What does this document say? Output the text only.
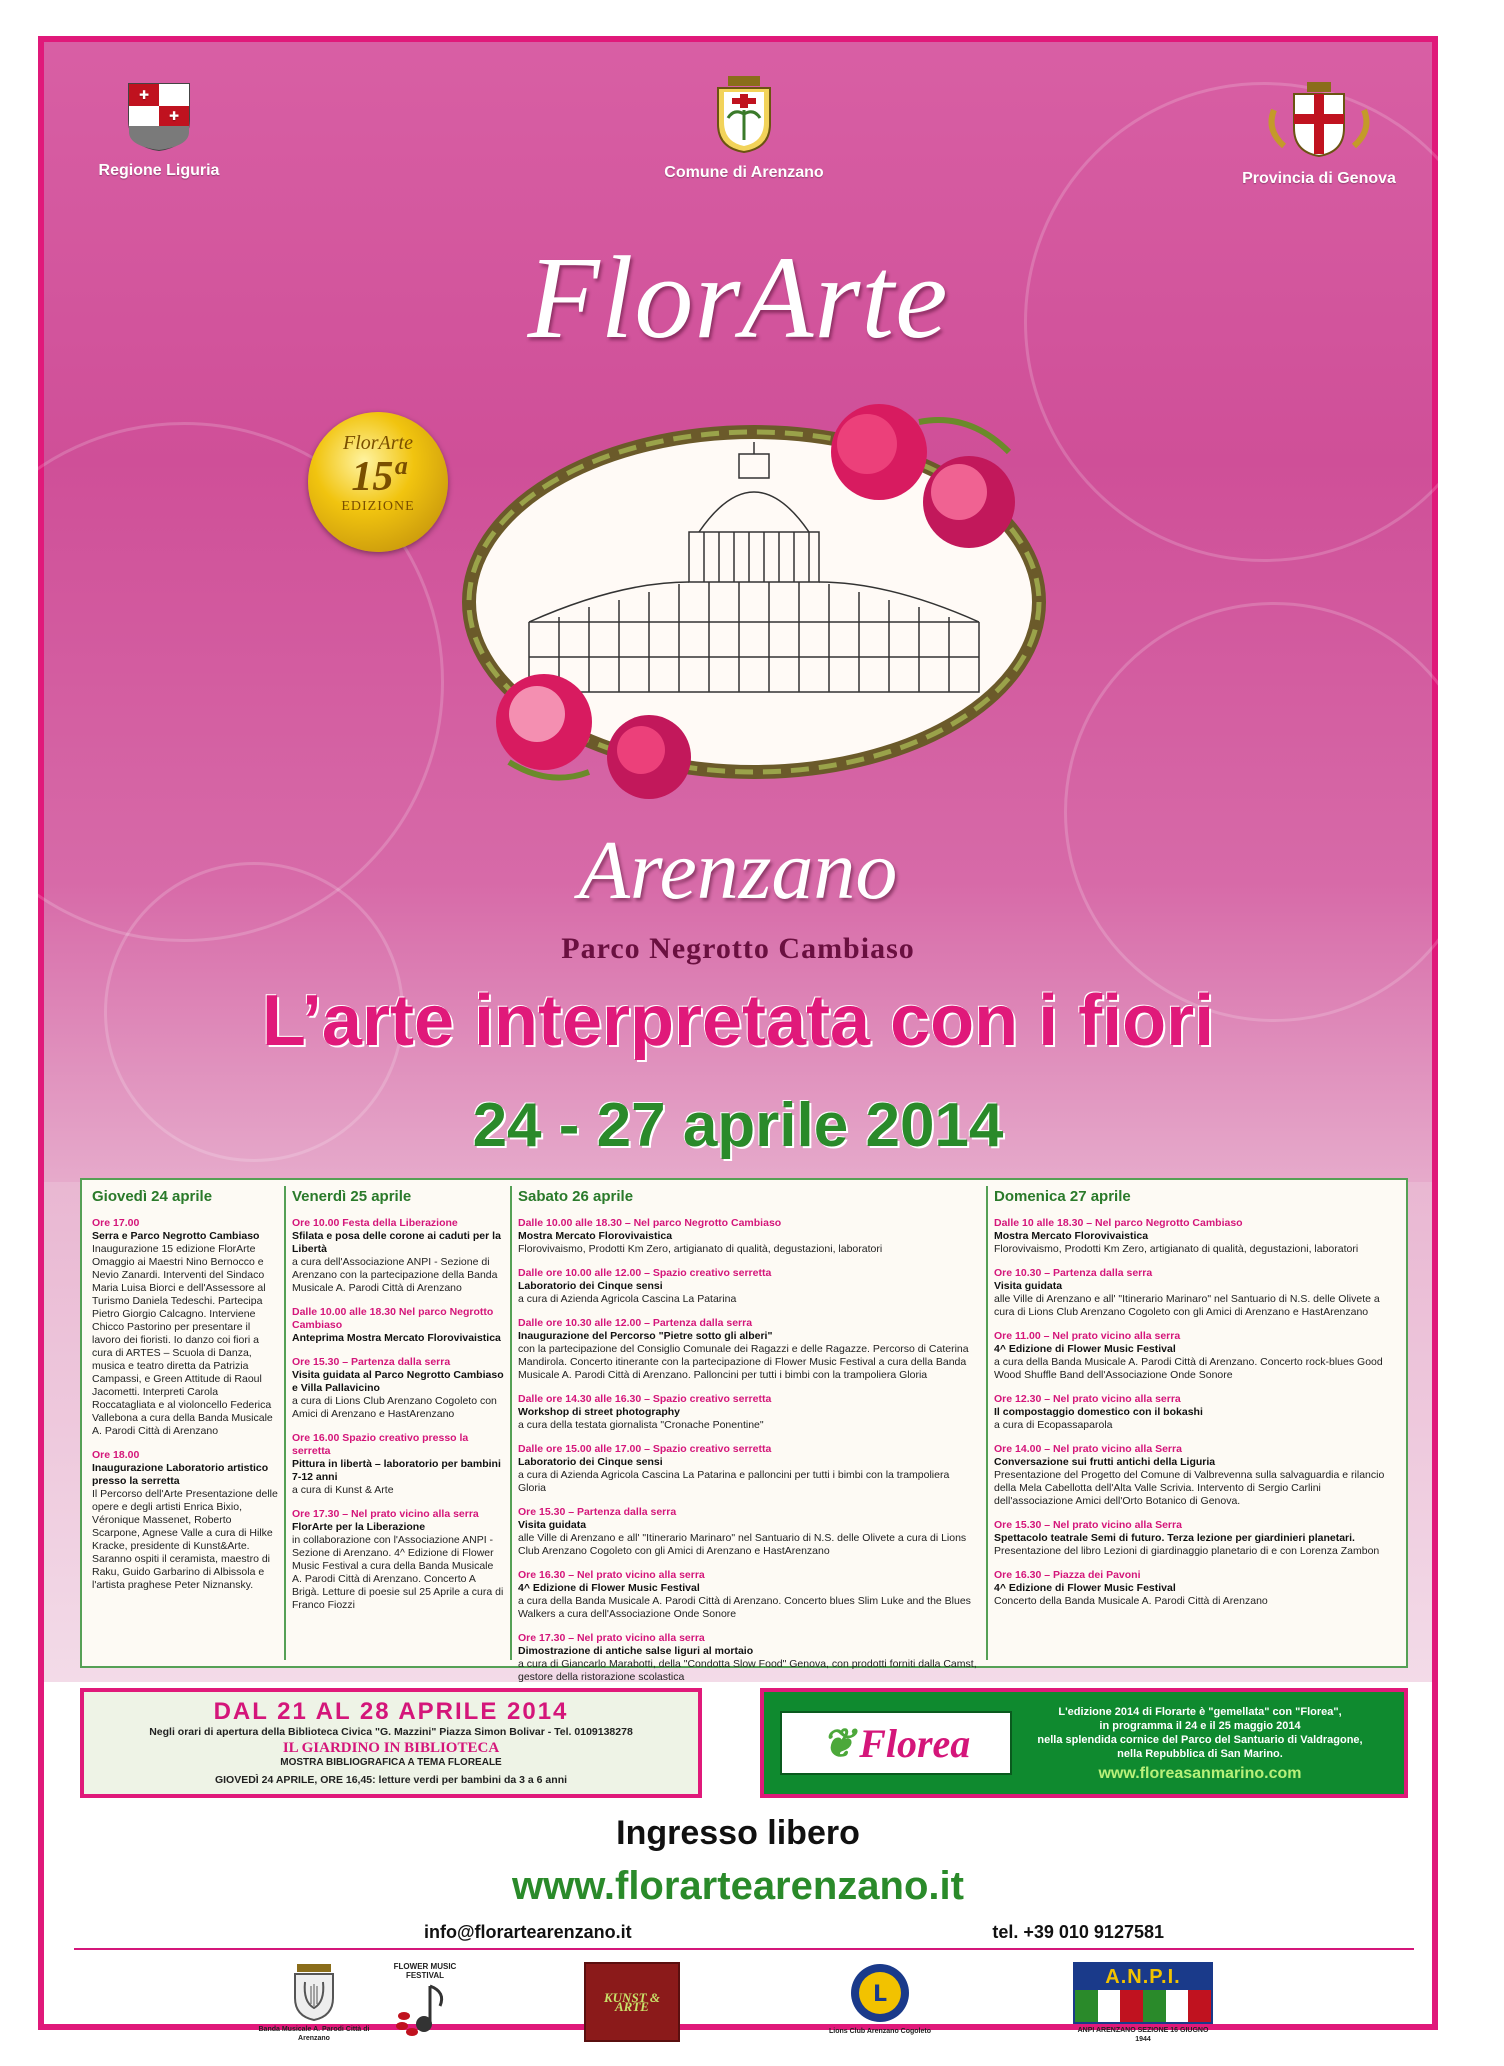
✚
✚
Regione Liguria	Comune di Arenzano	Provincia di Genova
FlorArte
FlorArte
15ª
EDIZIONE
Arenzano
Parco Negrotto Cambiaso
L’arte interpretata con i fiori
24 - 27 aprile 2014
Giovedì 24 aprile
Ore 17.00
Serra e Parco Negrotto Cambiaso
Inaugurazione 15 edizione FlorArte Omaggio ai Maestri Nino Bernocco e Nevio Zanardi. Interventi del Sindaco Maria Luisa Biorci e dell'Assessore al Turismo Daniela Tedeschi. Partecipa Pietro Giorgio Calcagno. Interviene Chicco Pastorino per presentare il lavoro dei fioristi. Io danzo coi fiori a cura di ARTES – Scuola di Danza, musica e teatro diretta da Patrizia Campassi, e Green Attitude di Raoul Jacometti. Interpreti Carola Roccatagliata e al violoncello Federica Vallebona a cura della Banda Musicale A. Parodi Città di Arenzano
Ore 18.00
Inaugurazione Laboratorio artistico presso la serretta
Il Percorso dell'Arte Presentazione delle opere e degli artisti Enrica Bixio, Véronique Massenet, Roberto Scarpone, Agnese Valle a cura di Hilke Kracke, presidente di Kunst&Arte. Saranno ospiti il ceramista, maestro di Raku, Guido Garbarino di Albissola e l'artista praghese Peter Niznansky.
Venerdì 25 aprile
Ore 10.00 Festa della Liberazione
Sfilata e posa delle corone ai caduti per la Libertà
a cura dell'Associazione ANPI - Sezione di Arenzano con la partecipazione della Banda Musicale A. Parodi Città di Arenzano
Dalle 10.00 alle 18.30 Nel parco Negrotto Cambiaso
Anteprima Mostra Mercato Florovivaistica
Ore 15.30 – Partenza dalla serra
Visita guidata al Parco Negrotto Cambiaso e Villa Pallavicino
a cura di Lions Club Arenzano Cogoleto con Amici di Arenzano e HastArenzano
Ore 16.00 Spazio creativo presso la serretta
Pittura in libertà – laboratorio per bambini 7-12 anni
a cura di Kunst & Arte
Ore 17.30 – Nel prato vicino alla serra
FlorArte per la Liberazione
in collaborazione con l'Associazione ANPI - Sezione di Arenzano. 4^ Edizione di Flower Music Festival a cura della Banda Musicale A. Parodi Città di Arenzano. Concerto A Brigà. Letture di poesie sul 25 Aprile a cura di Franco Fiozzi
Sabato 26 aprile
Dalle 10.00 alle 18.30 – Nel parco Negrotto Cambiaso
Mostra Mercato Florovivaistica
Florovivaismo, Prodotti Km Zero, artigianato di qualità, degustazioni, laboratori
Dalle ore 10.00 alle 12.00 – Spazio creativo serretta
Laboratorio dei Cinque sensi
a cura di Azienda Agricola Cascina La Patarina
Dalle ore 10.30 alle 12.00 – Partenza dalla serra
Inaugurazione del Percorso "Pietre sotto gli alberi"
con la partecipazione del Consiglio Comunale dei Ragazzi e delle Ragazze. Percorso di Caterina Mandirola. Concerto itinerante con la partecipazione di Flower Music Festival a cura della Banda Musicale A. Parodi Città di Arenzano. Palloncini per tutti i bimbi con la trampoliera Gloria
Dalle ore 14.30 alle 16.30 – Spazio creativo serretta
Workshop di street photography
a cura della testata giornalista "Cronache Ponentine"
Dalle ore 15.00 alle 17.00 – Spazio creativo serretta
Laboratorio dei Cinque sensi
a cura di Azienda Agricola Cascina La Patarina e palloncini per tutti i bimbi con la trampoliera Gloria
Ore 15.30 – Partenza dalla serra
Visita guidata
alle Ville di Arenzano e all' "Itinerario Marinaro" nel Santuario di N.S. delle Olivete a cura di Lions Club Arenzano Cogoleto con gli Amici di Arenzano e HastArenzano
Ore 16.30 – Nel prato vicino alla serra
4^ Edizione di Flower Music Festival
a cura della Banda Musicale A. Parodi Città di Arenzano. Concerto blues Slim Luke and the Blues Walkers a cura dell'Associazione Onde Sonore
Ore 17.30 – Nel prato vicino alla serra
Dimostrazione di antiche salse liguri al mortaio
a cura di Giancarlo Marabotti, della "Condotta Slow Food" Genova, con prodotti forniti dalla Camst, gestore della ristorazione scolastica
Domenica 27 aprile
Dalle 10 alle 18.30 – Nel parco Negrotto Cambiaso
Mostra Mercato Florovivaistica
Florovivaismo, Prodotti Km Zero, artigianato di qualità, degustazioni, laboratori
Ore 10.30 – Partenza dalla serra
Visita guidata
alle Ville di Arenzano e all' "Itinerario Marinaro" nel Santuario di N.S. delle Olivete a cura di Lions Club Arenzano Cogoleto con gli Amici di Arenzano e HastArenzano
Ore 11.00 – Nel prato vicino alla serra
4^ Edizione di Flower Music Festival
a cura della Banda Musicale A. Parodi Città di Arenzano. Concerto rock-blues Good Wood Shuffle Band dell'Associazione Onde Sonore
Ore 12.30 – Nel prato vicino alla serra
Il compostaggio domestico con il bokashi
a cura di Ecopassaparola
Ore 14.00 – Nel prato vicino alla Serra
Conversazione sui frutti antichi della Liguria
Presentazione del Progetto del Comune di Valbrevenna sulla salvaguardia e rilancio della Mela Cabellotta dell'Alta Valle Scrivia. Intervento di Sergio Carlini dell'associazione Amici dell'Orto Botanico di Genova.
Ore 15.30 – Nel prato vicino alla Serra
Spettacolo teatrale Semi di futuro. Terza lezione per giardinieri planetari.
Presentazione del libro Lezioni di giardinaggio planetario di e con Lorenza Zambon
Ore 16.30 – Piazza dei Pavoni
4^ Edizione di Flower Music Festival
Concerto della Banda Musicale A. Parodi Città di Arenzano
DAL 21 AL 28 APRILE 2014
Negli orari di apertura della Biblioteca Civica "G. Mazzini" Piazza Simon Bolivar - Tel. 0109138278
IL GIARDINO IN BIBLIOTECA
MOSTRA BIBLIOGRAFICA A TEMA FLOREALE
GIOVEDÌ 24 APRILE, ORE 16,45: letture verdi per bambini da 3 a 6 anni
❦ Florea
L'edizione 2014 di Florarte è "gemellata" con "Florea",
in programma il 24 e il 25 maggio 2014
nella splendida cornice del Parco del Santuario di Valdragone,
nella Repubblica di San Marino.
www.floreasanmarino.com
Ingresso libero
www.florartearenzano.it
info@florartearenzano.it	tel. +39 010 9127581
Banda Musicale A. Parodi Città di Arenzano
FLOWER MUSIC FESTIVAL
KUNST & ARTE	L
Lions Club Arenzano Cogoleto
A.N.P.I.
ANPI ARENZANO SEZIONE 16 GIUGNO 1944
